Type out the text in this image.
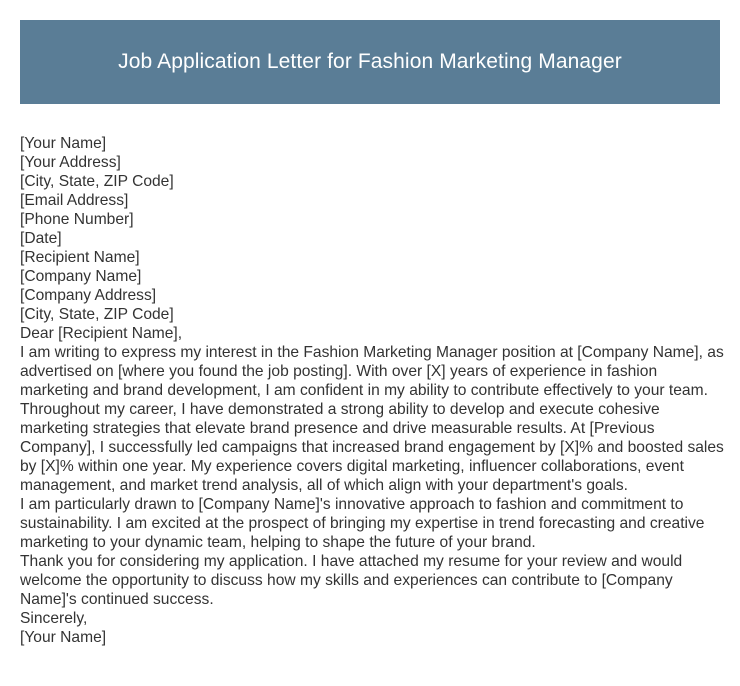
Job Application Letter for Fashion Marketing Manager
[Your Name]
[Your Address]
[City, State, ZIP Code]
[Email Address]
[Phone Number]
[Date]
[Recipient Name]
[Company Name]
[Company Address]
[City, State, ZIP Code]
Dear [Recipient Name],
I am writing to express my interest in the Fashion Marketing Manager position at [Company Name], as advertised on [where you found the job posting]. With over [X] years of experience in fashion marketing and brand development, I am confident in my ability to contribute effectively to your team.
Throughout my career, I have demonstrated a strong ability to develop and execute cohesive marketing strategies that elevate brand presence and drive measurable results. At [Previous Company], I successfully led campaigns that increased brand engagement by [X]% and boosted sales by [X]% within one year. My experience covers digital marketing, influencer collaborations, event management, and market trend analysis, all of which align with your department's goals.
I am particularly drawn to [Company Name]'s innovative approach to fashion and commitment to sustainability. I am excited at the prospect of bringing my expertise in trend forecasting and creative marketing to your dynamic team, helping to shape the future of your brand.
Thank you for considering my application. I have attached my resume for your review and would welcome the opportunity to discuss how my skills and experiences can contribute to [Company Name]'s continued success.
Sincerely,
[Your Name]
